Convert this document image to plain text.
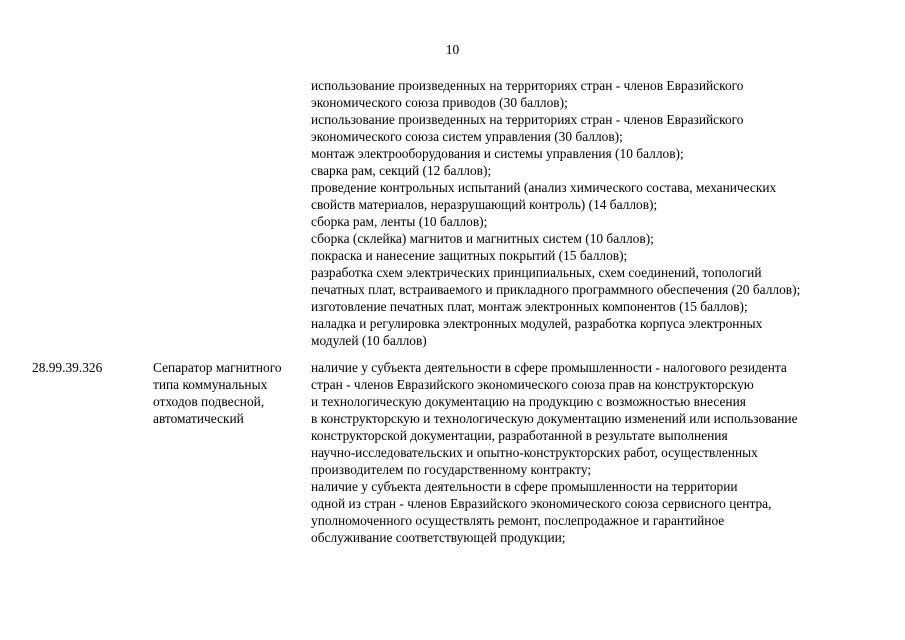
10
использование произведенных на территориях стран - членов Евразийского
экономического союза приводов (30 баллов);
использование произведенных на территориях стран - членов Евразийского
экономического союза систем управления (30 баллов);
монтаж электрооборудования и системы управления (10 баллов);
сварка рам, секций (12 баллов);
проведение контрольных испытаний (анализ химического состава, механических
свойств материалов, неразрушающий контроль) (14 баллов);
сборка рам, ленты (10 баллов);
сборка (склейка) магнитов и магнитных систем (10 баллов);
покраска и нанесение защитных покрытий (15 баллов);
разработка схем электрических принципиальных, схем соединений, топологий
печатных плат, встраиваемого и прикладного программного обеспечения (20 баллов);
изготовление печатных плат, монтаж электронных компонентов (15 баллов);
наладка и регулировка электронных модулей, разработка корпуса электронных
модулей (10 баллов)
28.99.39.326	Сепаратор магнитного
типа коммунальных
отходов подвесной,
автоматический
наличие у субъекта деятельности в сфере промышленности - налогового резидента
стран - членов Евразийского экономического союза прав на конструкторскую
и технологическую документацию на продукцию с возможностью внесения
в конструкторскую и технологическую документацию изменений или использование
конструкторской документации, разработанной в результате выполнения
научно-исследовательских и опытно-конструкторских работ, осуществленных
производителем по государственному контракту;
наличие у субъекта деятельности в сфере промышленности на территории
одной из стран - членов Евразийского экономического союза сервисного центра,
уполномоченного осуществлять ремонт, послепродажное и гарантийное
обслуживание соответствующей продукции;
